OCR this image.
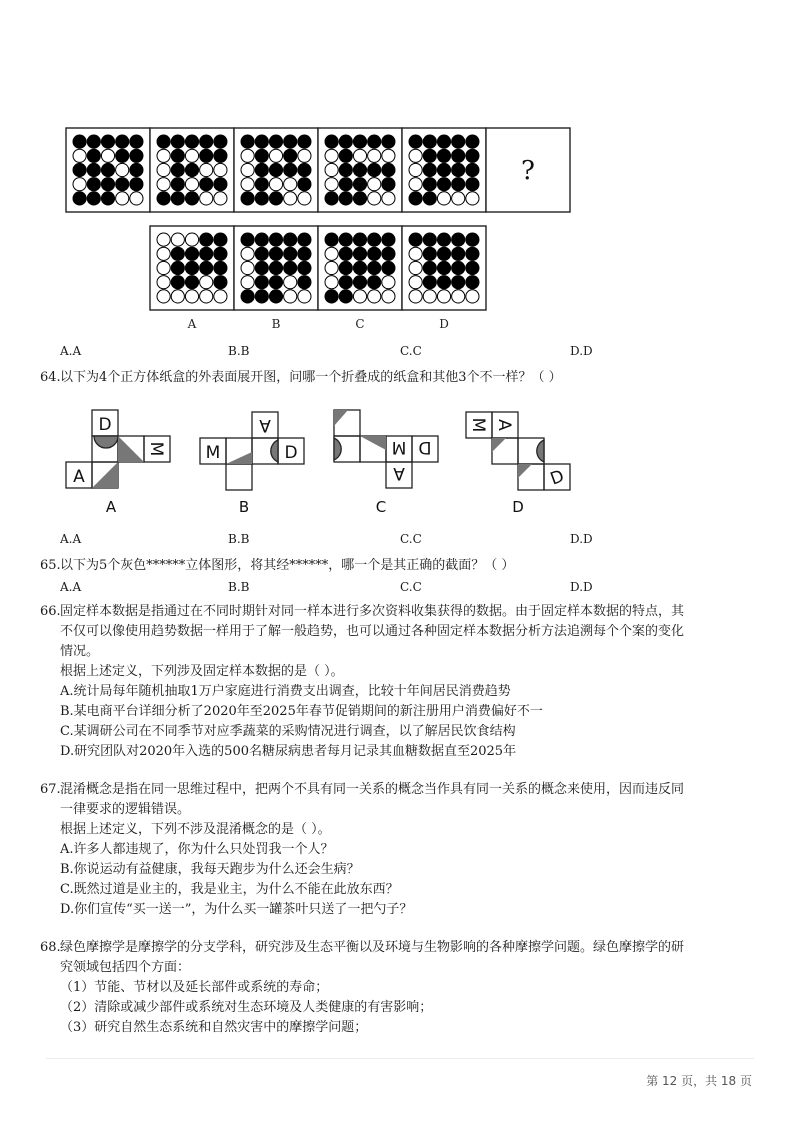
?
A	B	C	D
A.A	B.B	C.C	D.D
64. 以下为4个正方体纸盒的外表面展开图，问哪一个折叠成的纸盒和其他3个不一样？（ ）
D
M
A
M
A
D	M D
A
M A
D
A	B	C	D
A.A	B.B	C.C	D.D
65. 以下为5个灰色******立体图形，将其经******，哪一个是其正确的截面？（ ）
A.A	B.B	C.C	D.D
66. 固定样本数据是指通过在不同时期针对同一样本进行多次资料收集获得的数据。由于固定样本数据的特点，其
不仅可以像使用趋势数据一样用于了解一般趋势，也可以通过各种固定样本数据分析方法追溯每个个案的变化
情况。
根据上述定义，下列涉及固定样本数据的是（ ）。
A.统计局每年随机抽取1万户家庭进行消费支出调查，比较十年间居民消费趋势
B.某电商平台详细分析了2020年至2025年春节促销期间的新注册用户消费偏好不一
C.某调研公司在不同季节对应季蔬菜的采购情况进行调查，以了解居民饮食结构
D.研究团队对2020年入选的500名糖尿病患者每月记录其血糖数据直至2025年
67. 混淆概念是指在同一思维过程中，把两个不具有同一关系的概念当作具有同一关系的概念来使用，因而违反同
一律要求的逻辑错误。
根据上述定义，下列不涉及混淆概念的是（ ）。
A.许多人都违规了，你为什么只处罚我一个人？
B.你说运动有益健康，我每天跑步为什么还会生病？
C.既然过道是业主的，我是业主，为什么不能在此放东西？
D.你们宣传“买一送一”，为什么买一罐茶叶只送了一把勺子？
68. 绿色摩擦学是摩擦学的分支学科，研究涉及生态平衡以及环境与生物影响的各种摩擦学问题。绿色摩擦学的研
究领域包括四个方面：
（1）节能、节材以及延长部件或系统的寿命；
（2）清除或减少部件或系统对生态环境及人类健康的有害影响；
（3）研究自然生态系统和自然灾害中的摩擦学问题；
第 12 页，共 18 页
